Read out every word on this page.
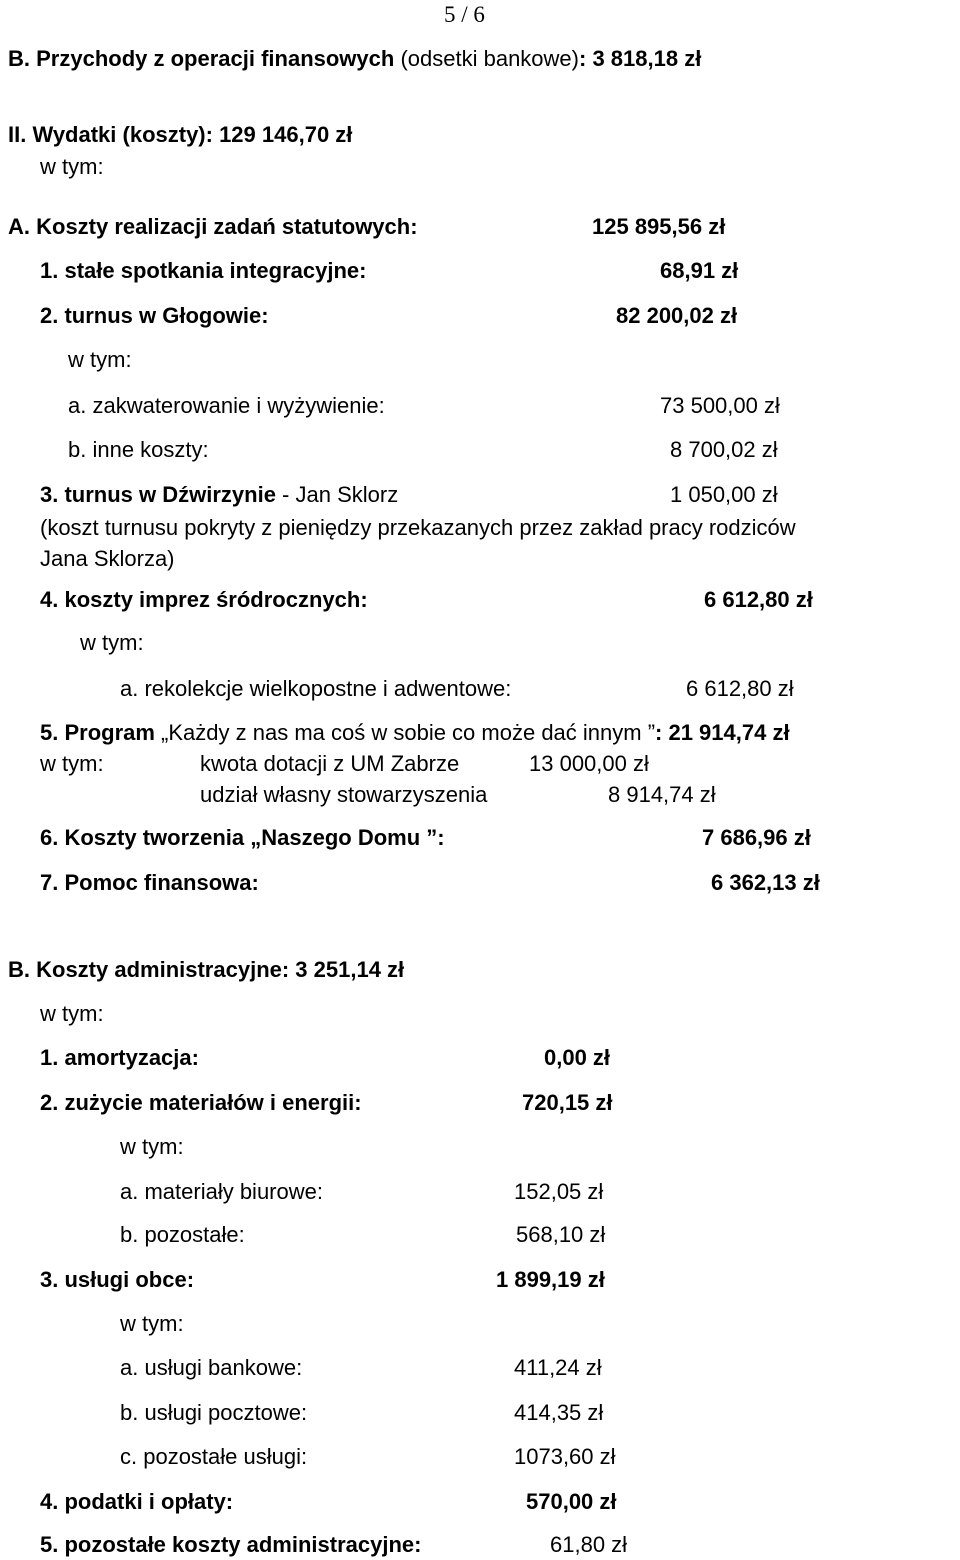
5 / 6
B. Przychody z operacji finansowych (odsetki bankowe): 3 818,18 zł
II. Wydatki (koszty): 129 146,70 zł
w tym:
A. Koszty realizacji zadań statutowych:	125 895,56 zł
1. stałe spotkania integracyjne:	68,91 zł
2. turnus w Głogowie:	82 200,02 zł
w tym:
a. zakwaterowanie i wyżywienie:	73 500,00 zł
b. inne koszty:	8 700,02 zł
3. turnus w Dźwirzynie - Jan Sklorz	1 050,00 zł
(koszt turnusu pokryty z pieniędzy przekazanych przez zakład pracy rodziców
Jana Sklorza)
4. koszty imprez śródrocznych:	6 612,80 zł
w tym:
a. rekolekcje wielkopostne i adwentowe:	6 612,80 zł
5. Program „Każdy z nas ma coś w sobie co może dać innym ”: 21 914,74 zł
w tym:	kwota dotacji z UM Zabrze	13 000,00 zł
udział własny stowarzyszenia	8 914,74 zł
6. Koszty tworzenia „Naszego Domu ”:	7 686,96 zł
7. Pomoc finansowa:	6 362,13 zł
B. Koszty administracyjne: 3 251,14 zł
w tym:
1. amortyzacja:	0,00 zł
2. zużycie materiałów i energii:	720,15 zł
w tym:
a. materiały biurowe:	152,05 zł
b. pozostałe:	568,10 zł
3. usługi obce:	1 899,19 zł
w tym:
a. usługi bankowe:	411,24 zł
b. usługi pocztowe:	414,35 zł
c. pozostałe usługi:	1073,60 zł
4. podatki i opłaty:	570,00 zł
5. pozostałe koszty administracyjne:	61,80 zł
